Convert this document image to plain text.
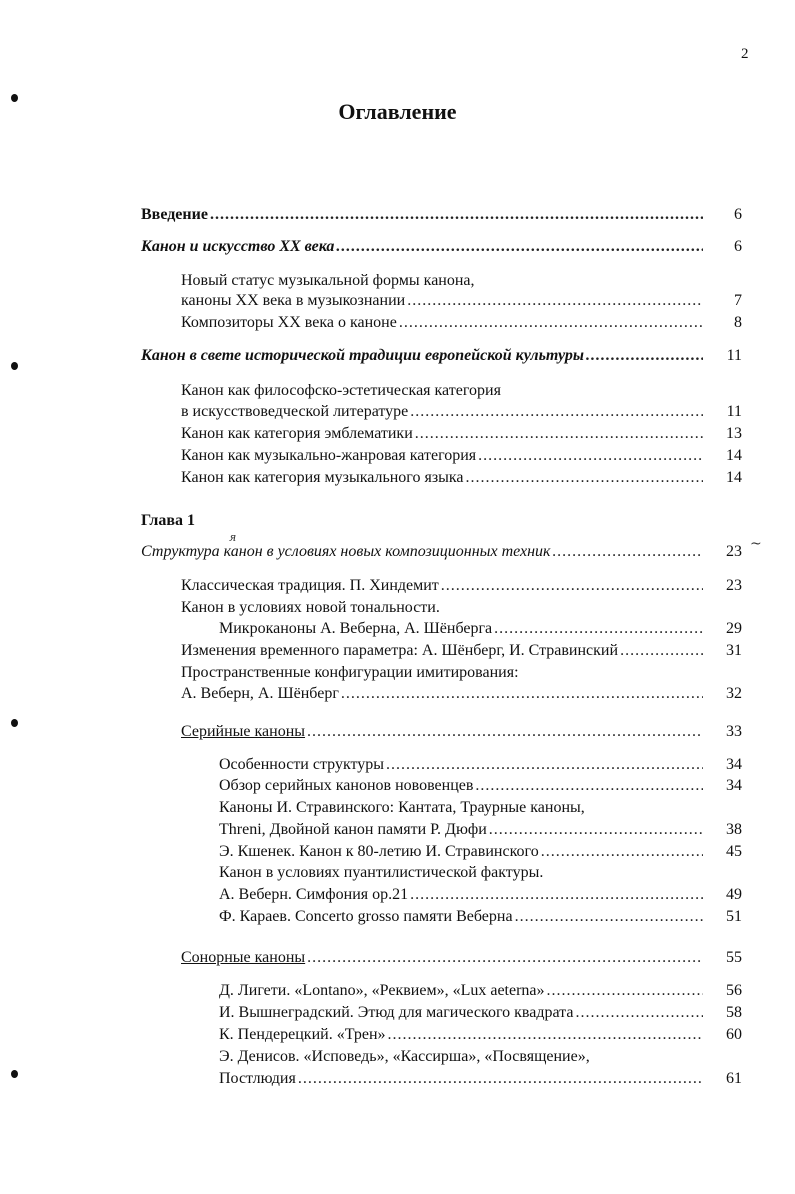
2
Оглавление
я	~
Введение .....	6
Канон и искусство XX века .....	6
Новый статус музыкальной формы канона,
каноны XX века в музыкознании .....	7
Композиторы XX века о каноне .....	8
Канон в свете исторической традиции европейской культуры .....	11
Канон как философско-эстетическая категория
в искусствоведческой литературе .....	11
Канон как категория эмблематики .....	13
Канон как музыкально-жанровая категория .....	14
Канон как категория музыкального языка .....	14
Глава 1
Структура канон в условиях новых композиционных техник .....	23
Классическая традиция. П. Хиндемит .....	23
Канон в условиях новой тональности.
Микроканоны А. Веберна, А. Шёнберга .....	29
Изменения временного параметра: А. Шёнберг, И. Стравинский .....	31
Пространственные конфигурации имитирования:
А. Веберн, А. Шёнберг .....	32
Серийные каноны .....	33
Особенности структуры .....	34
Обзор серийных канонов нововенцев .....	34
Каноны И. Стравинского: Кантата, Траурные каноны,
Threni, Двойной канон памяти Р. Дюфи .....	38
Э. Кшенек. Канон к 80-летию И. Стравинского .....	45
Канон в условиях пуантилистической фактуры.
А. Веберн. Симфония ор.21 .....	49
Ф. Караев. Concerto grosso памяти Веберна .....	51
Сонорные каноны .....	55
Д. Лигети. «Lontano», «Реквием», «Lux aeterna» .....	56
И. Вышнеградский. Этюд для магического квадрата .....	58
К. Пендерецкий. «Трен» .....	60
Э. Денисов. «Исповедь», «Кассирша», «Посвящение»,
Постлюдия .....	61
